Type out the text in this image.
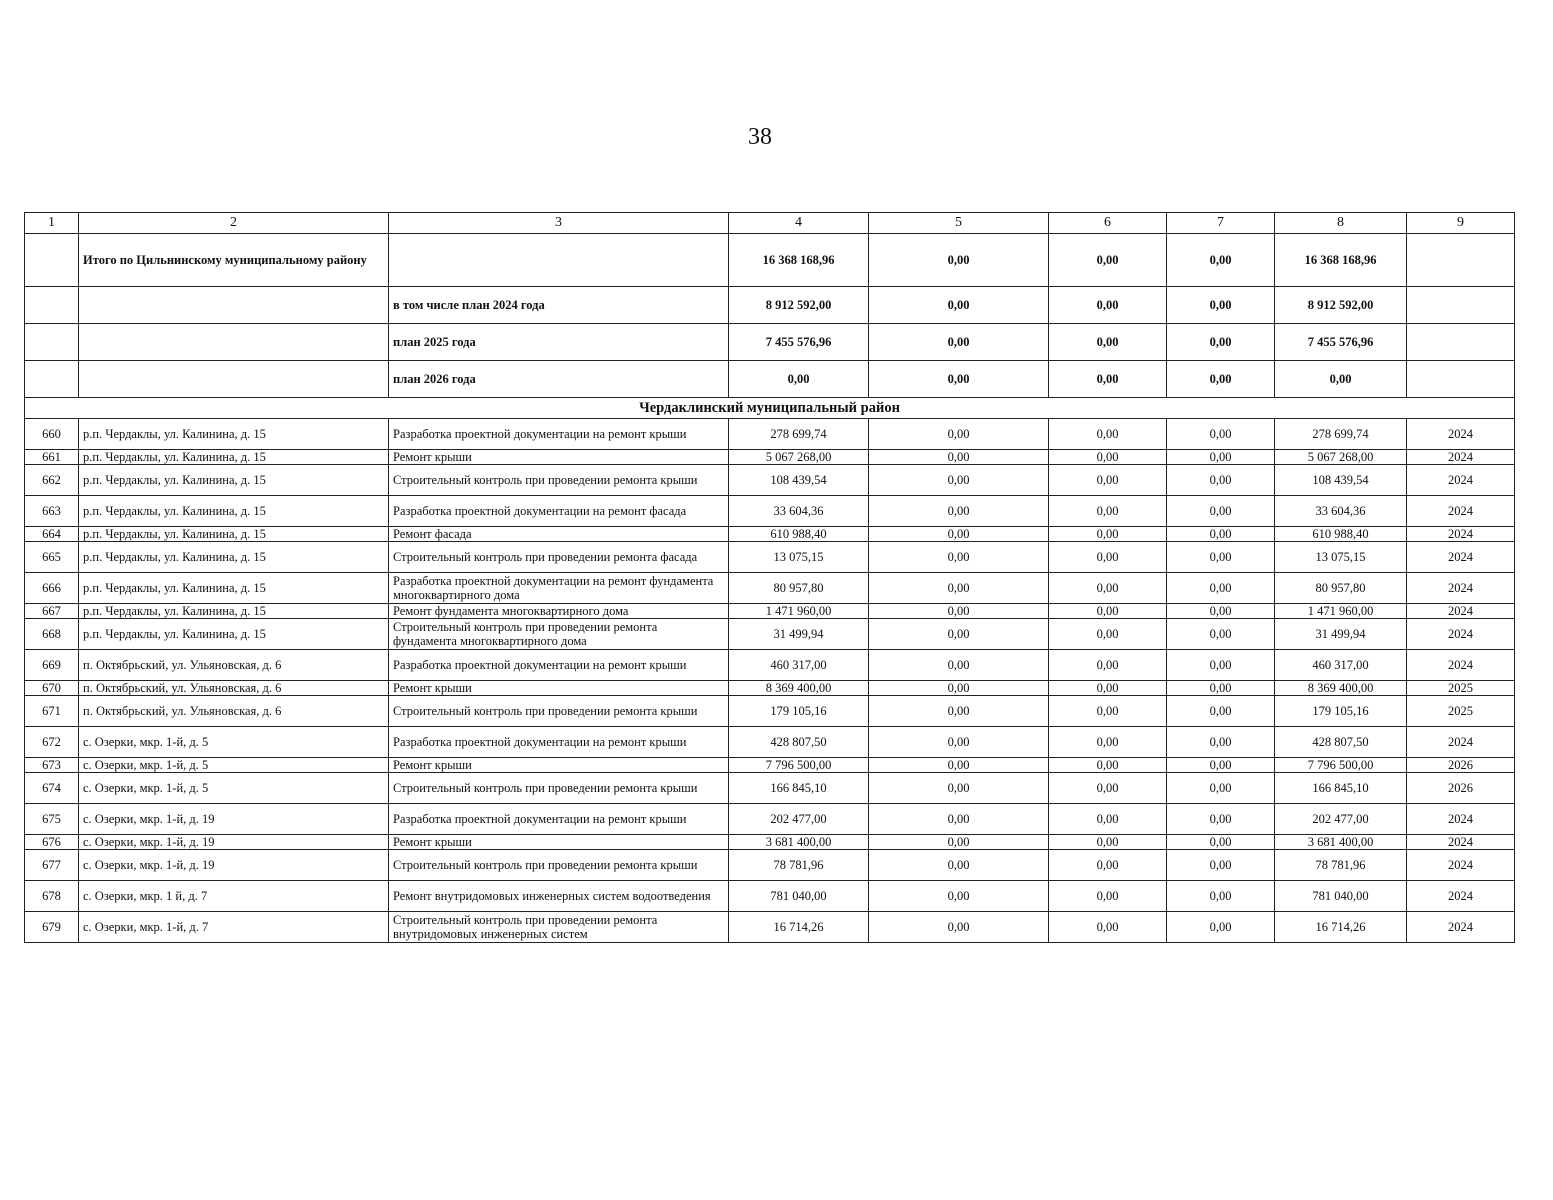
38
1	2	3	4	5	6	7	8	9
	Итого по Цильнинскому муниципальному району		16 368 168,96	0,00	0,00	0,00	16 368 168,96	
		в том числе план 2024 года	8 912 592,00	0,00	0,00	0,00	8 912 592,00	
		план 2025 года	7 455 576,96	0,00	0,00	0,00	7 455 576,96	
		план 2026 года	0,00	0,00	0,00	0,00	0,00	
Чердаклинский муниципальный район								
660	р.п. Чердаклы, ул. Калинина, д. 15	Разработка проектной документации на ремонт крыши	278 699,74	0,00	0,00	0,00	278 699,74	2024
661	р.п. Чердаклы, ул. Калинина, д. 15	Ремонт крыши	5 067 268,00	0,00	0,00	0,00	5 067 268,00	2024
662	р.п. Чердаклы, ул. Калинина, д. 15	Строительный контроль при проведении ремонта крыши	108 439,54	0,00	0,00	0,00	108 439,54	2024
663	р.п. Чердаклы, ул. Калинина, д. 15	Разработка проектной документации на ремонт фасада	33 604,36	0,00	0,00	0,00	33 604,36	2024
664	р.п. Чердаклы, ул. Калинина, д. 15	Ремонт фасада	610 988,40	0,00	0,00	0,00	610 988,40	2024
665	р.п. Чердаклы, ул. Калинина, д. 15	Строительный контроль при проведении ремонта фасада	13 075,15	0,00	0,00	0,00	13 075,15	2024
666	р.п. Чердаклы, ул. Калинина, д. 15	Разработка проектной документации на ремонт фундамента многоквартирного дома	80 957,80	0,00	0,00	0,00	80 957,80	2024
667	р.п. Чердаклы, ул. Калинина, д. 15	Ремонт фундамента многоквартирного дома	1 471 960,00	0,00	0,00	0,00	1 471 960,00	2024
668	р.п. Чердаклы, ул. Калинина, д. 15	Строительный контроль при проведении ремонта фундамента многоквартирного дома	31 499,94	0,00	0,00	0,00	31 499,94	2024
669	п. Октябрьский, ул. Ульяновская, д. 6	Разработка проектной документации на ремонт крыши	460 317,00	0,00	0,00	0,00	460 317,00	2024
670	п. Октябрьский, ул. Ульяновская, д. 6	Ремонт крыши	8 369 400,00	0,00	0,00	0,00	8 369 400,00	2025
671	п. Октябрьский, ул. Ульяновская, д. 6	Строительный контроль при проведении ремонта крыши	179 105,16	0,00	0,00	0,00	179 105,16	2025
672	с. Озерки, мкр. 1-й, д. 5	Разработка проектной документации на ремонт крыши	428 807,50	0,00	0,00	0,00	428 807,50	2024
673	с. Озерки, мкр. 1-й, д. 5	Ремонт крыши	7 796 500,00	0,00	0,00	0,00	7 796 500,00	2026
674	с. Озерки, мкр. 1-й, д. 5	Строительный контроль при проведении ремонта крыши	166 845,10	0,00	0,00	0,00	166 845,10	2026
675	с. Озерки, мкр. 1-й, д. 19	Разработка проектной документации на ремонт крыши	202 477,00	0,00	0,00	0,00	202 477,00	2024
676	с. Озерки, мкр. 1-й, д. 19	Ремонт крыши	3 681 400,00	0,00	0,00	0,00	3 681 400,00	2024
677	с. Озерки, мкр. 1-й, д. 19	Строительный контроль при проведении ремонта крыши	78 781,96	0,00	0,00	0,00	78 781,96	2024
678	с. Озерки, мкр. 1 й, д. 7	Ремонт внутридомовых инженерных систем водоотведения	781 040,00	0,00	0,00	0,00	781 040,00	2024
679	с. Озерки, мкр. 1-й, д. 7	Строительный контроль при проведении ремонта внутридомовых инженерных систем	16 714,26	0,00	0,00	0,00	16 714,26	2024
